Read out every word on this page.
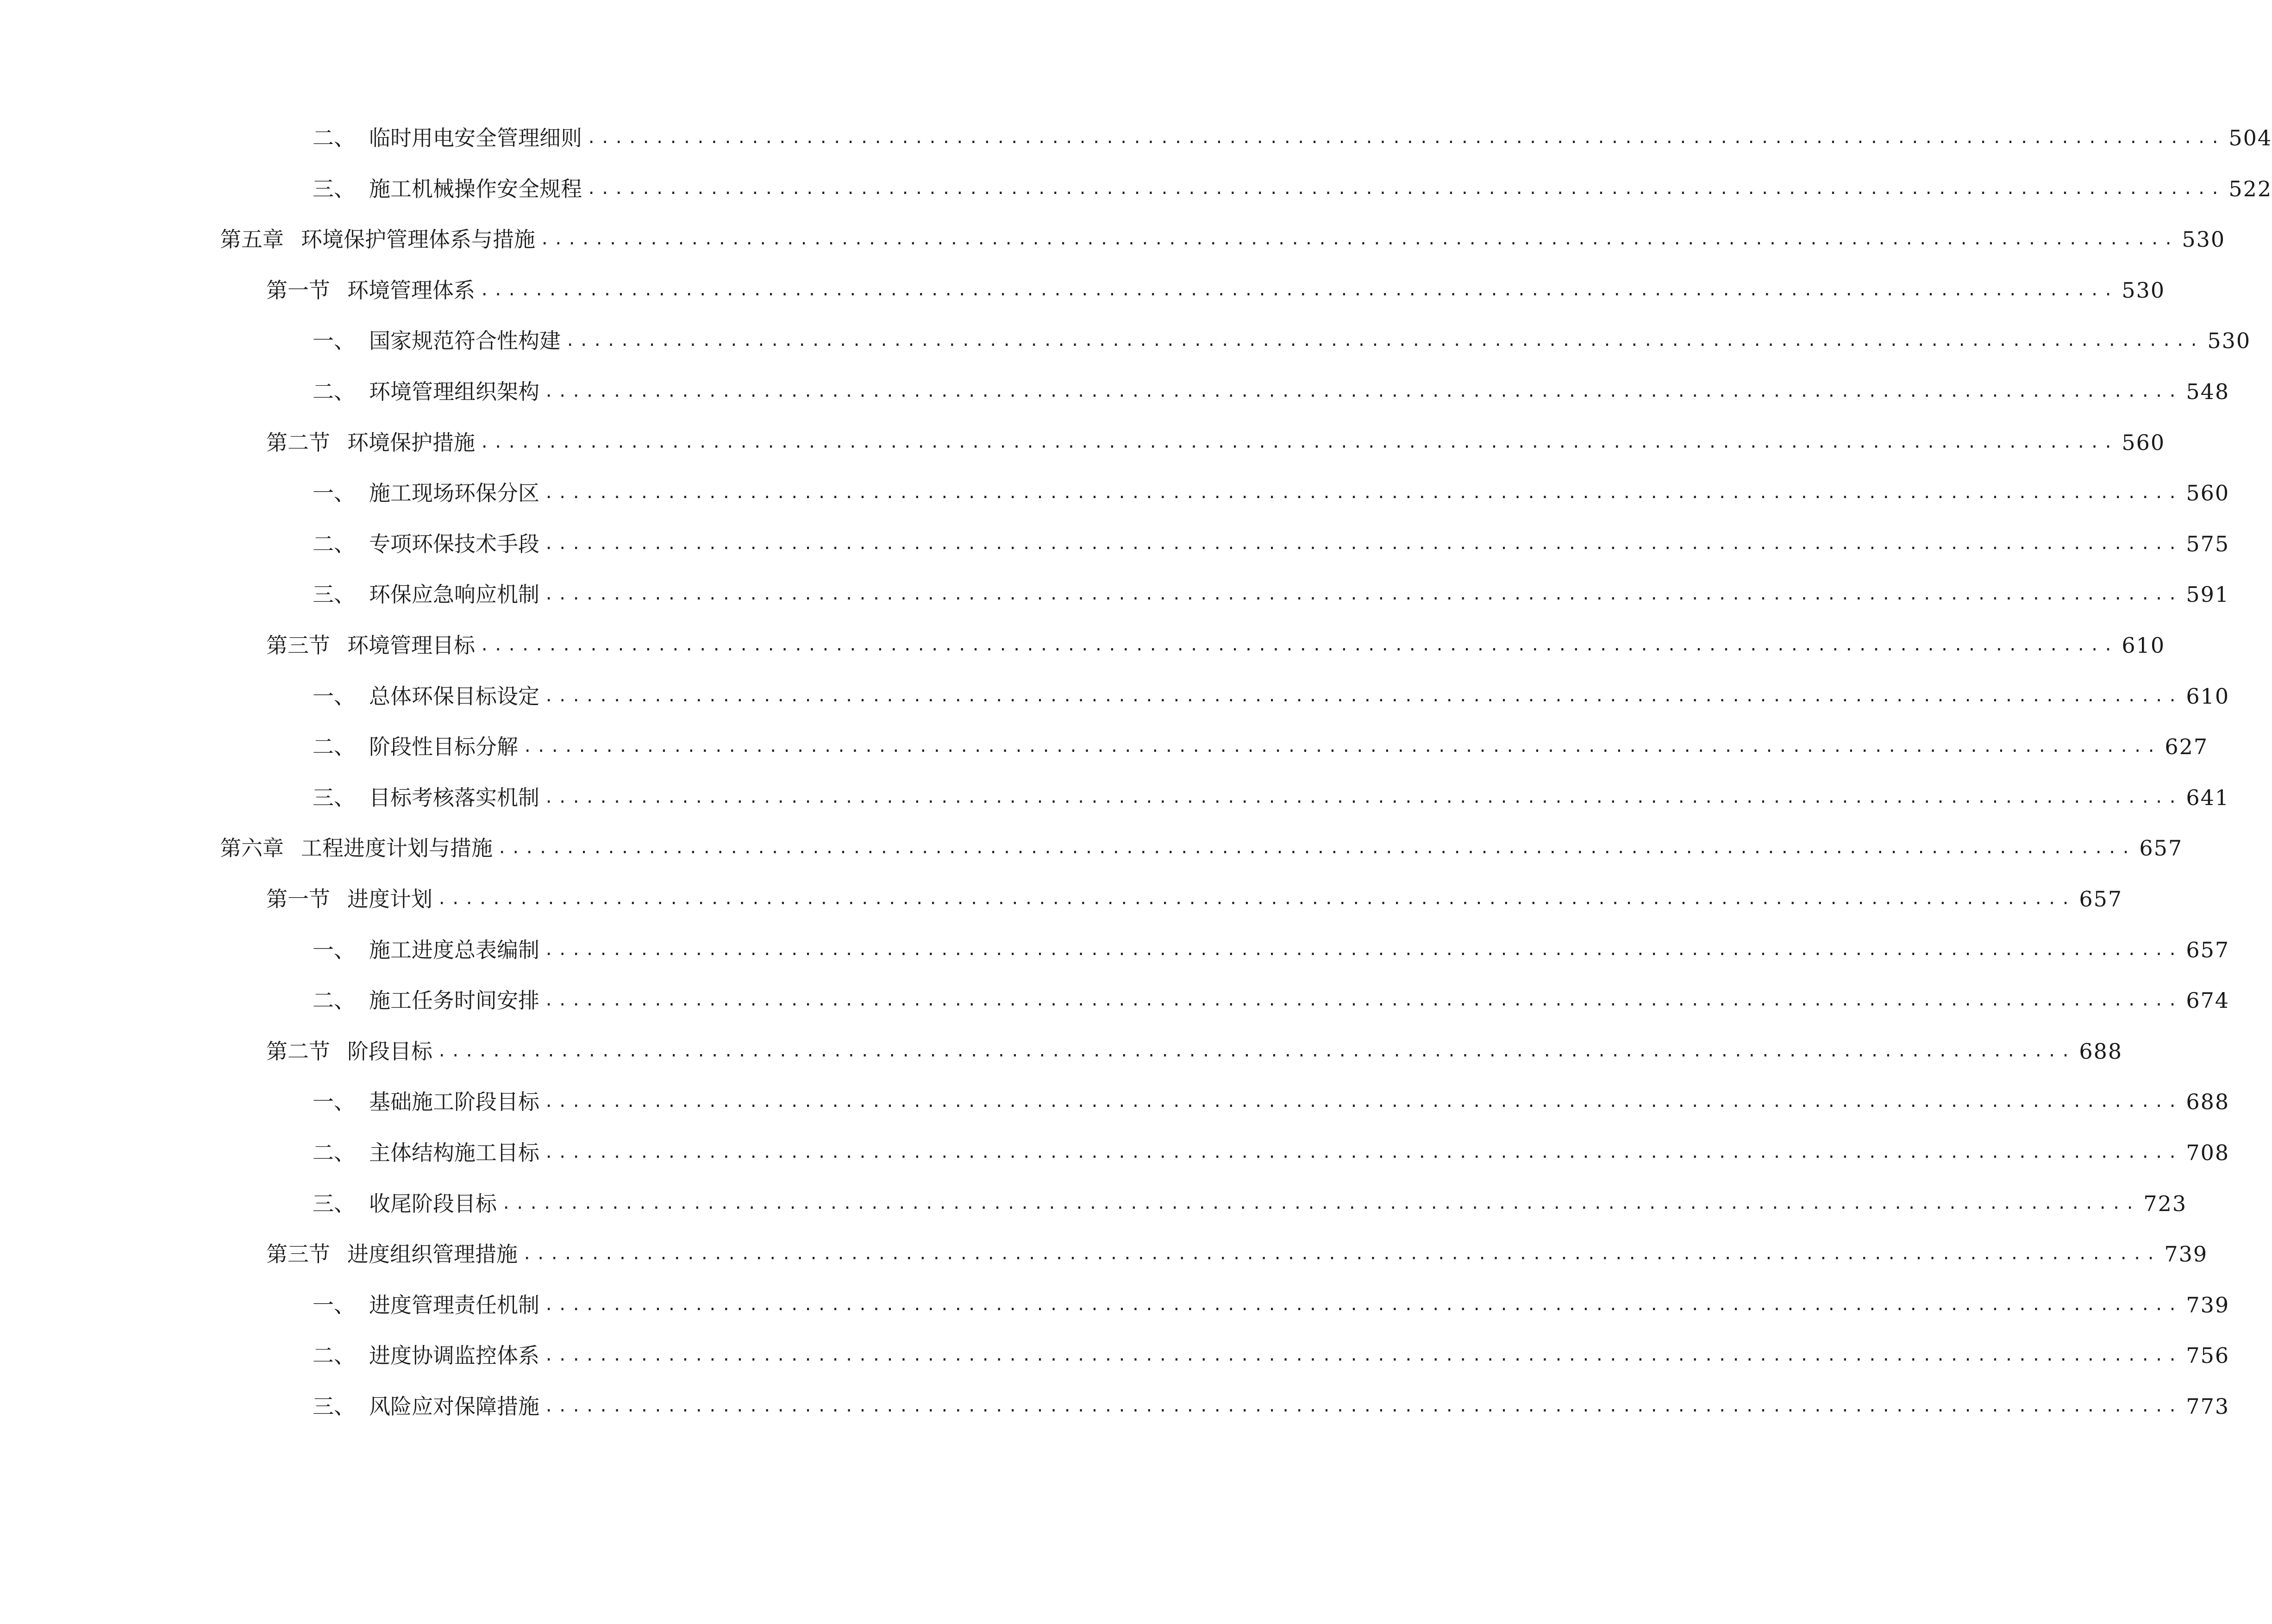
二、 临时用电安全管理细则 ........................................................................................................................ 504
三、 施工机械操作安全规程 ........................................................................................................................ 522
第五章 环境保护管理体系与措施 ........................................................................................................................ 530
第一节 环境管理体系 ........................................................................................................................ 530
一、 国家规范符合性构建 ........................................................................................................................ 530
二、 环境管理组织架构 ........................................................................................................................ 548
第二节 环境保护措施 ........................................................................................................................ 560
一、 施工现场环保分区 ........................................................................................................................ 560
二、 专项环保技术手段 ........................................................................................................................ 575
三、 环保应急响应机制 ........................................................................................................................ 591
第三节 环境管理目标 ........................................................................................................................ 610
一、 总体环保目标设定 ........................................................................................................................ 610
二、 阶段性目标分解 ........................................................................................................................ 627
三、 目标考核落实机制 ........................................................................................................................ 641
第六章 工程进度计划与措施 ........................................................................................................................ 657
第一节 进度计划 ........................................................................................................................ 657
一、 施工进度总表编制 ........................................................................................................................ 657
二、 施工任务时间安排 ........................................................................................................................ 674
第二节 阶段目标 ........................................................................................................................ 688
一、 基础施工阶段目标 ........................................................................................................................ 688
二、 主体结构施工目标 ........................................................................................................................ 708
三、 收尾阶段目标 ........................................................................................................................ 723
第三节 进度组织管理措施 ........................................................................................................................ 739
一、 进度管理责任机制 ........................................................................................................................ 739
二、 进度协调监控体系 ........................................................................................................................ 756
三、 风险应对保障措施 ........................................................................................................................ 773
